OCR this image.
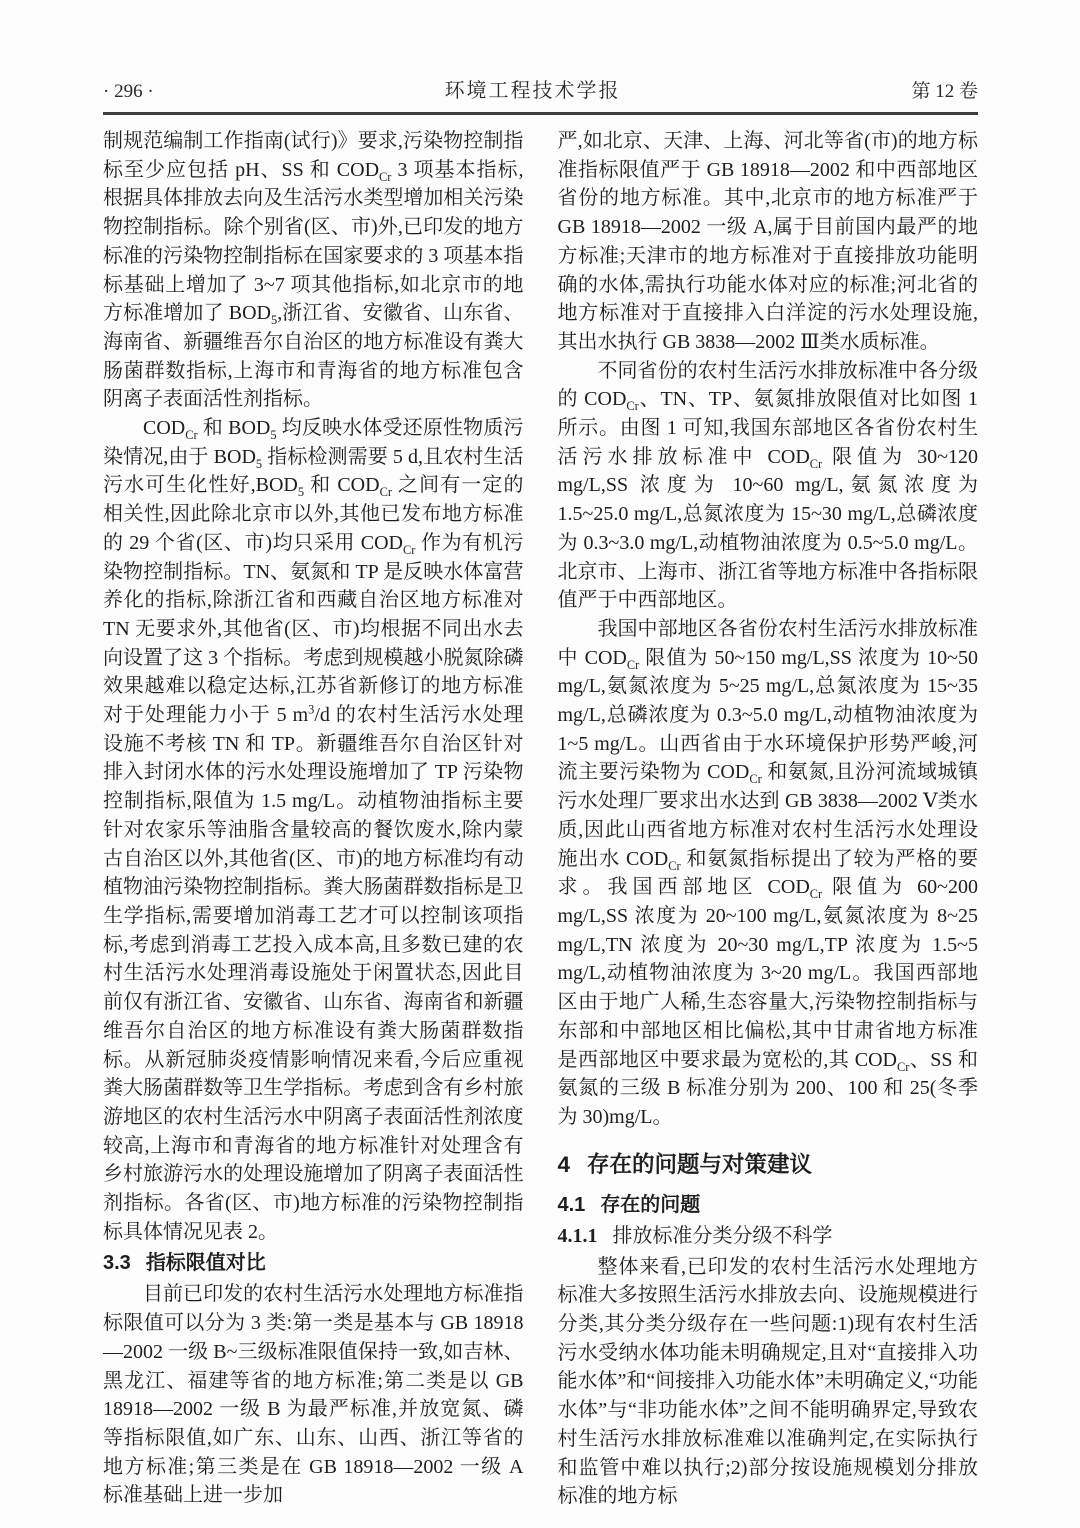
· 296 ·	环境工程技术学报	第 12 卷

制规范编制工作指南(试行)》要求,污染物控制指标至少应包括 pH、SS 和 $COD_{Cr}$ 3 项基本指标,根据具体排放去向及生活污水类型增加相关污染物控制指标。除个别省(区、市)外,已印发的地方标准的污染物控制指标在国家要求的 3 项基本指标基础上增加了 3~7 项其他指标,如北京市的地方标准增加了 $BOD_5$,浙江省、安徽省、山东省、海南省、新疆维吾尔自治区的地方标准设有粪大肠菌群数指标,上海市和青海省的地方标准包含阴离子表面活性剂指标。

$COD_{Cr}$ 和 $BOD_5$ 均反映水体受还原性物质污染情况,由于 $BOD_5$ 指标检测需要 5 d,且农村生活污水可生化性好$,BOD_5$ 和 $COD_{Cr}$ 之间有一定的相关性,因此除北京市以外,其他已发布地方标准的 29 个省(区、市)均只采用 $COD_{Cr}$ 作为有机污染物控制指标。TN、氨氮和 TP 是反映水体富营养化的指标,除浙江省和西藏自治区地方标准对 TN 无要求外,其他省(区、市)均根据不同出水去向设置了这 3 个指标。考虑到规模越小脱氮除磷效果越难以稳定达标,江苏省新修订的地方标准对于处理能力小于 5 $m^3/d$ 的农村生活污水处理设施不考核 TN 和 TP。新疆维吾尔自治区针对排入封闭水体的污水处理设施增加了 TP 污染物控制指标,限值为 1.5 mg/L。动植物油指标主要针对农家乐等油脂含量较高的餐饮废水,除内蒙古自治区以外,其他省(区、市)的地方标准均有动植物油污染物控制指标。粪大肠菌群数指标是卫生学指标,需要增加消毒工艺才可以控制该项指标,考虑到消毒工艺投入成本高,且多数已建的农村生活污水处理消毒设施处于闲置状态,因此目前仅有浙江省、安徽省、山东省、海南省和新疆维吾尔自治区的地方标准设有粪大肠菌群数指标。从新冠肺炎疫情影响情况来看,今后应重视粪大肠菌群数等卫生学指标。考虑到含有乡村旅游地区的农村生活污水中阴离子表面活性剂浓度较高,上海市和青海省的地方标准针对处理含有乡村旅游污水的处理设施增加了阴离子表面活性剂指标。各省(区、市)地方标准的污染物控制指标具体情况见表 2。

3.3 指标限值对比

目前已印发的农村生活污水处理地方标准指标限值可以分为 3 类:第一类是基本与 GB 18918—2002 一级 B~三级标准限值保持一致,如吉林、黑龙江、福建等省的地方标准;第二类是以 GB 18918—2002 一级 B 为最严标准,并放宽氮、磷等指标限值,如广东、山东、山西、浙江等省的地方标准;第三类是在 GB 18918—2002 一级 A 标准基础上进一步加

严,如北京、天津、上海、河北等省(市)的地方标准指标限值严于 GB 18918—2002 和中西部地区省份的地方标准。其中,北京市的地方标准严于 GB 18918—2002 一级 A,属于目前国内最严的地方标准;天津市的地方标准对于直接排放功能明确的水体,需执行功能水体对应的标准;河北省的地方标准对于直接排入白洋淀的污水处理设施,其出水执行 GB 3838—2002 Ⅲ类水质标准。

不同省份的农村生活污水排放标准中各分级的 $COD_{Cr}$、TN、TP、氨氮排放限值对比如图 1 所示。由图 1 可知,我国东部地区各省份农村生活污水排放标准中 $COD_{Cr}$ 限值为 30~120 mg/L,SS 浓度为 10~60 mg/L,氨氮浓度为 1.5~25.0 mg/L,总氮浓度为 15~30 mg/L,总磷浓度为 0.3~3.0 mg/L,动植物油浓度为 0.5~5.0 mg/L。北京市、上海市、浙江省等地方标准中各指标限值严于中西部地区。

我国中部地区各省份农村生活污水排放标准中 $COD_{Cr}$ 限值为 50~150 mg/L,SS 浓度为 10~50 mg/L,氨氮浓度为 5~25 mg/L,总氮浓度为 15~35 mg/L,总磷浓度为 0.3~5.0 mg/L,动植物油浓度为 1~5 mg/L。山西省由于水环境保护形势严峻,河流主要污染物为 $COD_{Cr}$ 和氨氮,且汾河流域城镇污水处理厂要求出水达到 GB 3838—2002 Ⅴ类水质,因此山西省地方标准对农村生活污水处理设施出水 $COD_{Cr}$ 和氨氮指标提出了较为严格的要求。我国西部地区 $COD_{Cr}$ 限值为 60~200 mg/L,SS 浓度为 20~100 mg/L,氨氮浓度为 8~25 mg/L,TN 浓度为 20~30 mg/L,TP 浓度为 1.5~5 mg/L,动植物油浓度为 3~20 mg/L。我国西部地区由于地广人稀,生态容量大,污染物控制指标与东部和中部地区相比偏松,其中甘肃省地方标准是西部地区中要求最为宽松的,其 $COD_{Cr}$、SS 和氨氮的三级 B 标准分别为 200、100 和 25(冬季为 30)mg/L。

4 存在的问题与对策建议
4.1 存在的问题
4.1.1 排放标准分类分级不科学

整体来看,已印发的农村生活污水处理地方标准大多按照生活污水排放去向、设施规模进行分类,其分类分级存在一些问题:1)现有农村生活污水受纳水体功能未明确规定,且对“直接排入功能水体”和“间接排入功能水体”未明确定义,“功能水体”与“非功能水体”之间不能明确界定,导致农村生活污水排放标准难以准确判定,在实际执行和监管中难以执行;2)部分按设施规模划分排放标准的地方标
